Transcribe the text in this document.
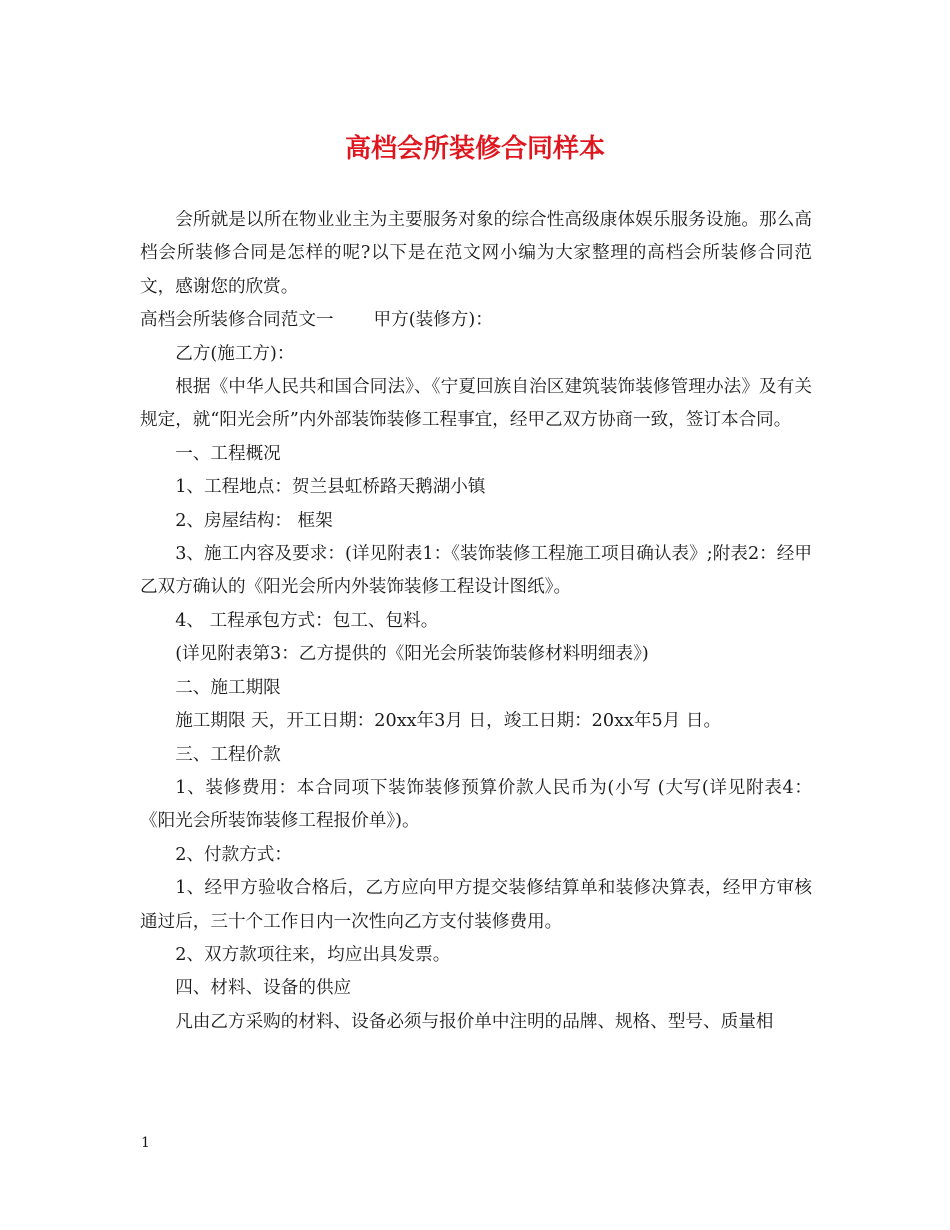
高档会所装修合同样本

会所就是以所在物业业主为主要服务对象的综合性高级康体娱乐服务设施。那么高档会所装修合同是怎样的呢?以下是在范文网小编为大家整理的高档会所装修合同范文，感谢您的欣赏。

高档会所装修合同范文一 甲方(装修方)：

乙方(施工方)：

根据《中华人民共和国合同法》、《宁夏回族自治区建筑装饰装修管理办法》及有关规定，就“阳光会所”内外部装饰装修工程事宜，经甲乙双方协商一致，签订本合同。

一、工程概况

1、工程地点：贺兰县虹桥路天鹅湖小镇

2、房屋结构： 框架

3、施工内容及要求：(详见附表1：《装饰装修工程施工项目确认表》;附表2：经甲乙双方确认的《阳光会所内外装饰装修工程设计图纸》。

4、 工程承包方式：包工、包料。

(详见附表第3：乙方提供的《阳光会所装饰装修材料明细表》)

二、施工期限

施工期限 天，开工日期：20xx年3月 日，竣工日期：20xx年5月 日。

三、工程价款

1、装修费用：本合同项下装饰装修预算价款人民币为(小写 (大写(详见附表4：《阳光会所装饰装修工程报价单》)。

2、付款方式：

1、经甲方验收合格后，乙方应向甲方提交装修结算单和装修决算表，经甲方审核通过后，三十个工作日内一次性向乙方支付装修费用。

2、双方款项往来，均应出具发票。

四、材料、设备的供应

凡由乙方采购的材料、设备必须与报价单中注明的品牌、规格、型号、质量相

1
